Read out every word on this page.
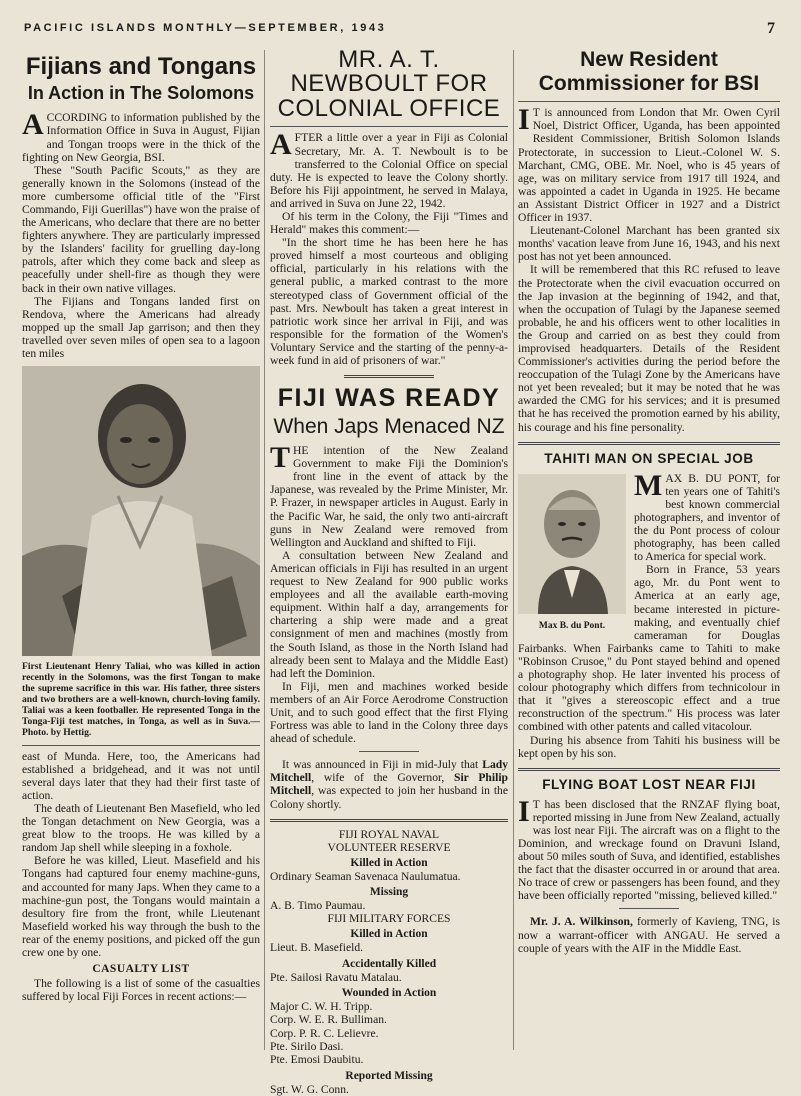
PACIFIC ISLANDS MONTHLY—SEPTEMBER, 1943	7
Fijians and Tongans
In Action in The Solomons

ACCORDING to information published by the Information Office in Suva in August, Fijian and Tongan troops were in the thick of the fighting on New Georgia, BSI.

These "South Pacific Scouts," as they are generally known in the Solomons (instead of the more cumbersome official title of the "First Commando, Fiji Guerillas") have won the praise of the Americans, who declare that there are no better fighters anywhere. They are particularly impressed by the Islanders' facility for gruelling day-long patrols, after which they come back and sleep as peacefully under shell-fire as though they were back in their own native villages.

The Fijians and Tongans landed first on Rendova, where the Americans had already mopped up the small Jap garrison; and then they travelled over seven miles of open sea to a lagoon ten miles

First Lieutenant Henry Taliai, who was killed in action recently in the Solomons, was the first Tongan to make the supreme sacrifice in this war. His father, three sisters and two brothers are a well-known, church-loving family. Taliai was a keen footballer. He represented Tonga in the Tonga-Fiji test matches, in Tonga, as well as in Suva.—Photo. by Hettig.

east of Munda. Here, too, the Americans had established a bridgehead, and it was not until several days later that they had their first taste of action.

The death of Lieutenant Ben Masefield, who led the Tongan detachment on New Georgia, was a great blow to the troops. He was killed by a random Jap shell while sleeping in a foxhole.

Before he was killed, Lieut. Masefield and his Tongans had captured four enemy machine-guns, and accounted for many Japs. When they came to a machine-gun post, the Tongans would maintain a desultory fire from the front, while Lieutenant Masefield worked his way through the bush to the rear of the enemy positions, and picked off the gun crew one by one.

CASUALTY LIST

The following is a list of some of the casualties suffered by local Fiji Forces in recent actions:—

MR. A. T. NEWBOULT FOR COLONIAL OFFICE

AFTER a little over a year in Fiji as Colonial Secretary, Mr. A. T. Newboult is to be transferred to the Colonial Office on special duty. He is expected to leave the Colony shortly. Before his Fiji appointment, he served in Malaya, and arrived in Suva on June 22, 1942.

Of his term in the Colony, the Fiji "Times and Herald" makes this comment:—

"In the short time he has been here he has proved himself a most courteous and obliging official, particularly in his relations with the general public, a marked contrast to the more stereotyped class of Government official of the past. Mrs. Newboult has taken a great interest in patriotic work since her arrival in Fiji, and was responsible for the formation of the Women's Voluntary Service and the starting of the penny-a-week fund in aid of prisoners of war."

FIJI WAS READY
When Japs Menaced NZ

THE intention of the New Zealand Government to make Fiji the Dominion's front line in the event of attack by the Japanese, was revealed by the Prime Minister, Mr. P. Frazer, in newspaper articles in August. Early in the Pacific War, he said, the only two anti-aircraft guns in New Zealand were removed from Wellington and Auckland and shifted to Fiji.

A consultation between New Zealand and American officials in Fiji has resulted in an urgent request to New Zealand for 900 public works employees and all the available earth-moving equipment. Within half a day, arrangements for chartering a ship were made and a great consignment of men and machines (mostly from the South Island, as those in the North Island had already been sent to Malaya and the Middle East) had left the Dominion.

In Fiji, men and machines worked beside members of an Air Force Aerodrome Construction Unit, and to such good effect that the first Flying Fortress was able to land in the Colony three days ahead of schedule.

It was announced in Fiji in mid-July that Lady Mitchell, wife of the Governor, Sir Philip Mitchell, was expected to join her husband in the Colony shortly.

FIJI ROYAL NAVAL
VOLUNTEER RESERVE
Killed in Action
Ordinary Seaman Savenaca Naulumatua.
Missing
A. B. Timo Paumau.
FIJI MILITARY FORCES
Killed in Action
Lieut. B. Masefield.
Accidentally Killed
Pte. Sailosi Ravatu Matalau.
Wounded in Action
Major C. W. H. Tripp.
Corp. W. E. R. Bulliman.
Corp. P. R. C. Lelievre.
Pte. Sirilo Dasi.
Pte. Emosi Daubitu.
Reported Missing
Sgt. W. G. Conn.
New Resident Commissioner for BSI

I T is announced from London that Mr. Owen Cyril Noel, District Officer, Uganda, has been appointed Resident Commissioner, British Solomon Islands Protectorate, in succession to Lieut.-Colonel W. S. Marchant, CMG, OBE. Mr. Noel, who is 45 years of age, was on military service from 1917 till 1924, and was appointed a cadet in Uganda in 1925. He became an Assistant District Officer in 1927 and a District Officer in 1937.

Lieutenant-Colonel Marchant has been granted six months' vacation leave from June 16, 1943, and his next post has not yet been announced.

It will be remembered that this RC refused to leave the Protectorate when the civil evacuation occurred on the Jap invasion at the beginning of 1942, and that, when the occupation of Tulagi by the Japanese seemed probable, he and his officers went to other localities in the Group and carried on as best they could from improvised headquarters. Details of the Resident Commissioner's activities during the period before the reoccupation of the Tulagi Zone by the Americans have not yet been revealed; but it may be noted that he was awarded the CMG for his services; and it is presumed that he has received the promotion earned by his ability, his courage and his fine personality.

TAHITI MAN ON SPECIAL JOB
Max B. du Pont.

MAX B. DU PONT, for ten years one of Tahiti's best known commercial photographers, and inventor of the du Pont process of colour photography, has been called to America for special work.

Born in France, 53 years ago, Mr. du Pont went to America at an early age, became interested in picture-making, and eventually chief cameraman for Douglas Fairbanks. When Fairbanks came to Tahiti to make "Robinson Crusoe," du Pont stayed behind and opened a photography shop. He later invented his process of colour photography which differs from technicolour in that it "gives a stereoscopic effect and a true reconstruction of the spectrum." His process was later combined with other patents and called vitacolour.

During his absence from Tahiti his business will be kept open by his son.

FLYING BOAT LOST NEAR FIJI

I T has been disclosed that the RNZAF flying boat, reported missing in June from New Zealand, actually was lost near Fiji. The aircraft was on a flight to the Dominion, and wreckage found on Dravuni Island, about 50 miles south of Suva, and identified, establishes the fact that the disaster occurred in or around that area. No trace of crew or passengers has been found, and they have been officially reported "missing, believed killed."

Mr. J. A. Wilkinson, formerly of Kavieng, TNG, is now a warrant-officer with ANGAU. He served a couple of years with the AIF in the Middle East.
